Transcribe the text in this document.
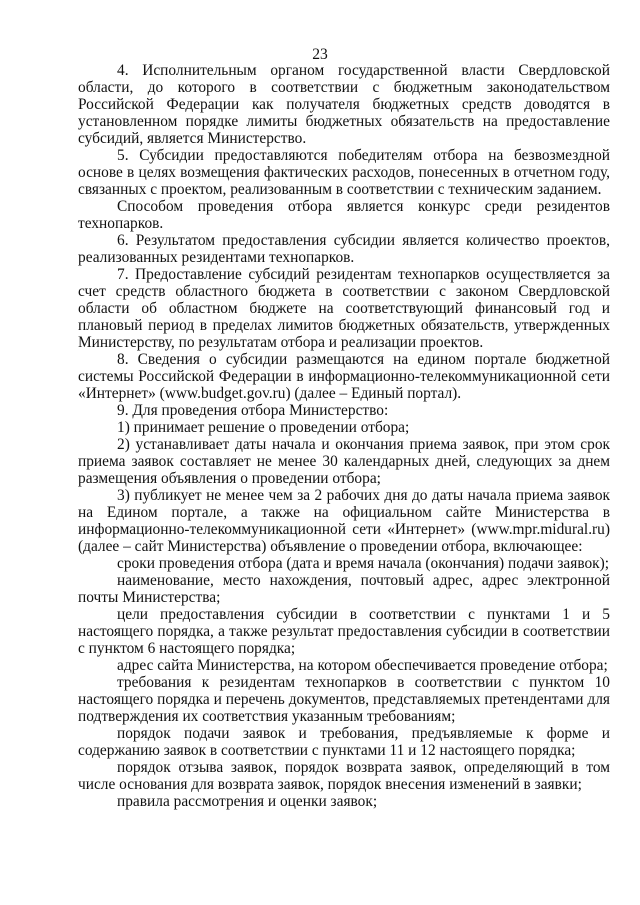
23

4. Исполнительным органом государственной власти Свердловской области, до которого в соответствии с бюджетным законодательством Российской Федерации как получателя бюджетных средств доводятся в установленном порядке лимиты бюджетных обязательств на предоставление субсидий, является Министерство.

5. Субсидии предоставляются победителям отбора на безвозмездной основе в целях возмещения фактических расходов, понесенных в отчетном году, связанных с проектом, реализованным в соответствии с техническим заданием.

Способом проведения отбора является конкурс среди резидентов технопарков.

6. Результатом предоставления субсидии является количество проектов, реализованных резидентами технопарков.

7. Предоставление субсидий резидентам технопарков осуществляется за счет средств областного бюджета в соответствии с законом Свердловской области об областном бюджете на соответствующий финансовый год и плановый период в пределах лимитов бюджетных обязательств, утвержденных Министерству, по результатам отбора и реализации проектов.

8. Сведения о субсидии размещаются на едином портале бюджетной системы Российской Федерации в информационно-телекоммуникационной сети «Интернет» (www.budget.gov.ru) (далее – Единый портал).

9. Для проведения отбора Министерство:

1) принимает решение о проведении отбора;

2) устанавливает даты начала и окончания приема заявок, при этом срок приема заявок составляет не менее 30 календарных дней, следующих за днем размещения объявления о проведении отбора;

3) публикует не менее чем за 2 рабочих дня до даты начала приема заявок на Едином портале, а также на официальном сайте Министерства в информационно-телекоммуникационной сети «Интернет» (www.mpr.midural.ru) (далее – сайт Министерства) объявление о проведении отбора, включающее:

сроки проведения отбора (дата и время начала (окончания) подачи заявок);

наименование, место нахождения, почтовый адрес, адрес электронной почты Министерства;

цели предоставления субсидии в соответствии с пунктами 1 и 5 настоящего порядка, а также результат предоставления субсидии в соответствии с пунктом 6 настоящего порядка;

адрес сайта Министерства, на котором обеспечивается проведение отбора;

требования к резидентам технопарков в соответствии с пунктом 10 настоящего порядка и перечень документов, представляемых претендентами для подтверждения их соответствия указанным требованиям;

порядок подачи заявок и требования, предъявляемые к форме и содержанию заявок в соответствии с пунктами 11 и 12 настоящего порядка;

порядок отзыва заявок, порядок возврата заявок, определяющий в том числе основания для возврата заявок, порядок внесения изменений в заявки;

правила рассмотрения и оценки заявок;
